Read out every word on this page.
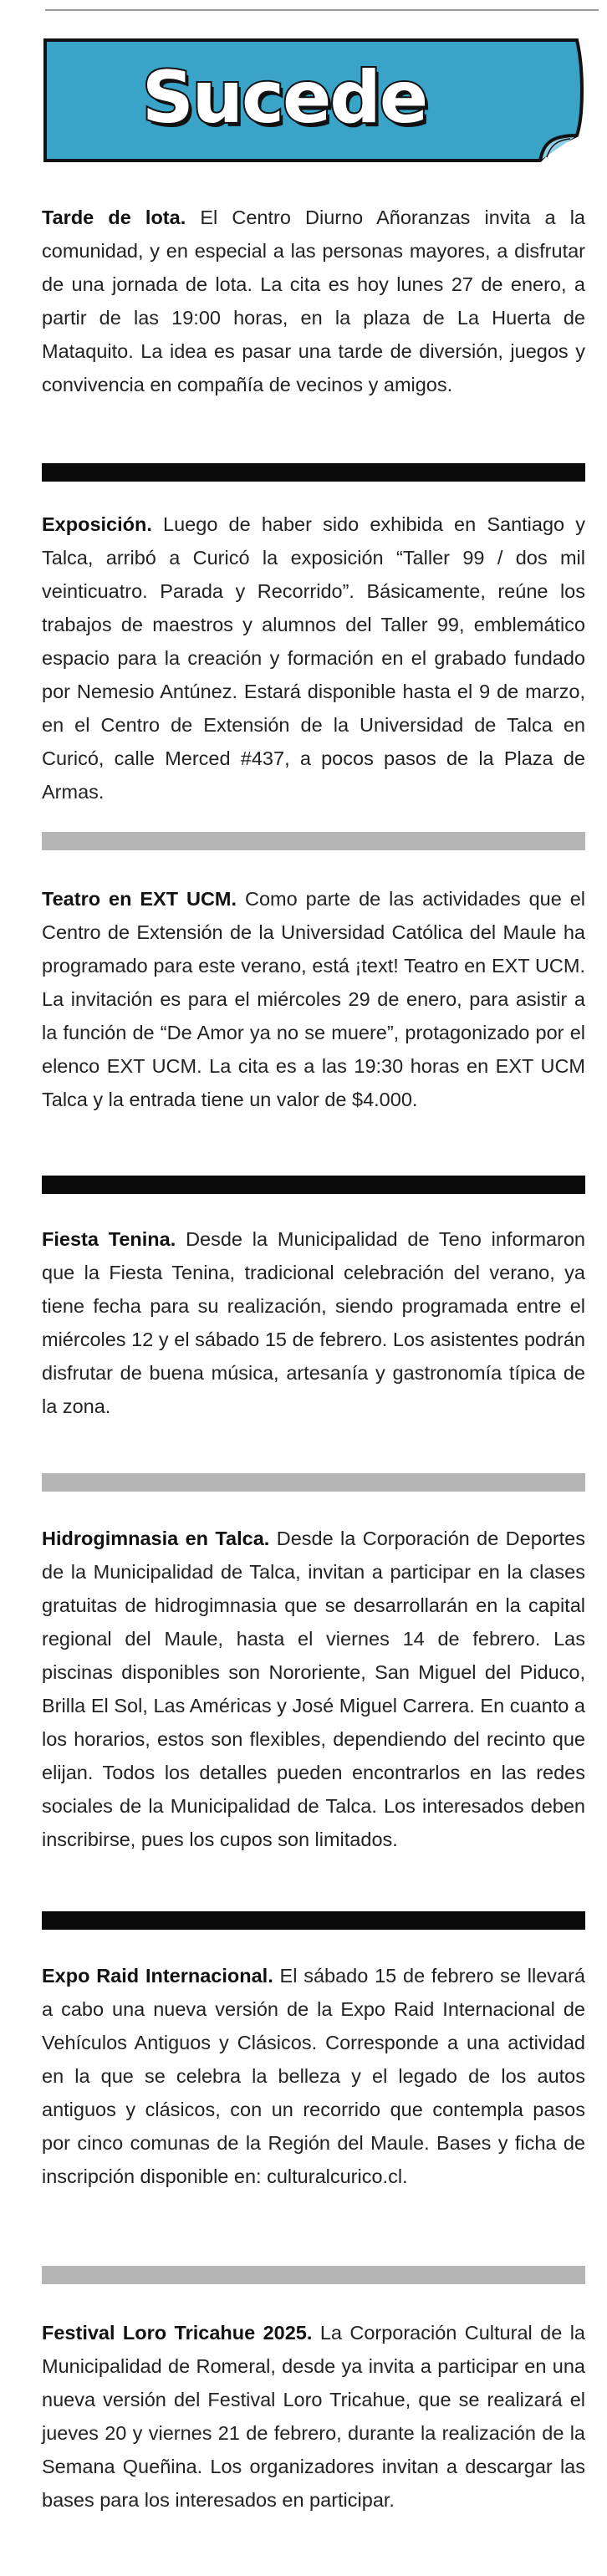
Sucede

Tarde de lota. El Centro Diurno Añoranzas invita a la comunidad, y en especial a las personas mayores, a disfrutar de una jornada de lota. La cita es hoy lunes 27 de enero, a partir de las 19:00 horas, en la plaza de La Huerta de Mataquito. La idea es pasar una tarde de diversión, juegos y convivencia en compañía de vecinos y amigos.

Exposición. Luego de haber sido exhibida en Santiago y Talca, arribó a Curicó la exposición “Taller 99 / dos mil veinticuatro. Parada y Recorrido”. Básicamente, reúne los trabajos de maestros y alumnos del Taller 99, emblemático espacio para la creación y formación en el grabado fundado por Nemesio Antúnez. Estará disponible hasta el 9 de marzo, en el Centro de Extensión de la Universidad de Talca en Curicó, calle Merced #437, a pocos pasos de la Plaza de Armas.

Teatro en EXT UCM. Como parte de las actividades que el Centro de Extensión de la Universidad Católica del Maule ha programado para este verano, está ¡text! Teatro en EXT UCM. La invitación es para el miércoles 29 de enero, para asistir a la función de “De Amor ya no se muere”, protagonizado por el elenco EXT UCM. La cita es a las 19:30 horas en EXT UCM Talca y la entrada tiene un valor de $4.000.

Fiesta Tenina. Desde la Municipalidad de Teno informaron que la Fiesta Tenina, tradicional celebración del verano, ya tiene fecha para su realización, siendo programada entre el miércoles 12 y el sábado 15 de febrero. Los asistentes podrán disfrutar de buena música, artesanía y gastronomía típica de la zona.

Hidrogimnasia en Talca. Desde la Corporación de Deportes de la Municipalidad de Talca, invitan a participar en la clases gratuitas de hidrogimnasia que se desarrollarán en la capital regional del Maule, hasta el viernes 14 de febrero. Las piscinas disponibles son Nororiente, San Miguel del Piduco, Brilla El Sol, Las Américas y José Miguel Carrera. En cuanto a los horarios, estos son flexibles, dependiendo del recinto que elijan. Todos los detalles pueden encontrarlos en las redes sociales de la Municipalidad de Talca. Los interesados deben inscribirse, pues los cupos son limitados.

Expo Raid Internacional. El sábado 15 de febrero se llevará a cabo una nueva versión de la Expo Raid Internacional de Vehículos Antiguos y Clásicos. Corresponde a una actividad en la que se celebra la belleza y el legado de los autos antiguos y clásicos, con un recorrido que contempla pasos por cinco comunas de la Región del Maule. Bases y ficha de inscripción disponible en: culturalcurico.cl.

Festival Loro Tricahue 2025. La Corporación Cultural de la Municipalidad de Romeral, desde ya invita a participar en una nueva versión del Festival Loro Tricahue, que se realizará el jueves 20 y viernes 21 de febrero, durante la realización de la Semana Queñina. Los organizadores invitan a descargar las bases para los interesados en participar.
